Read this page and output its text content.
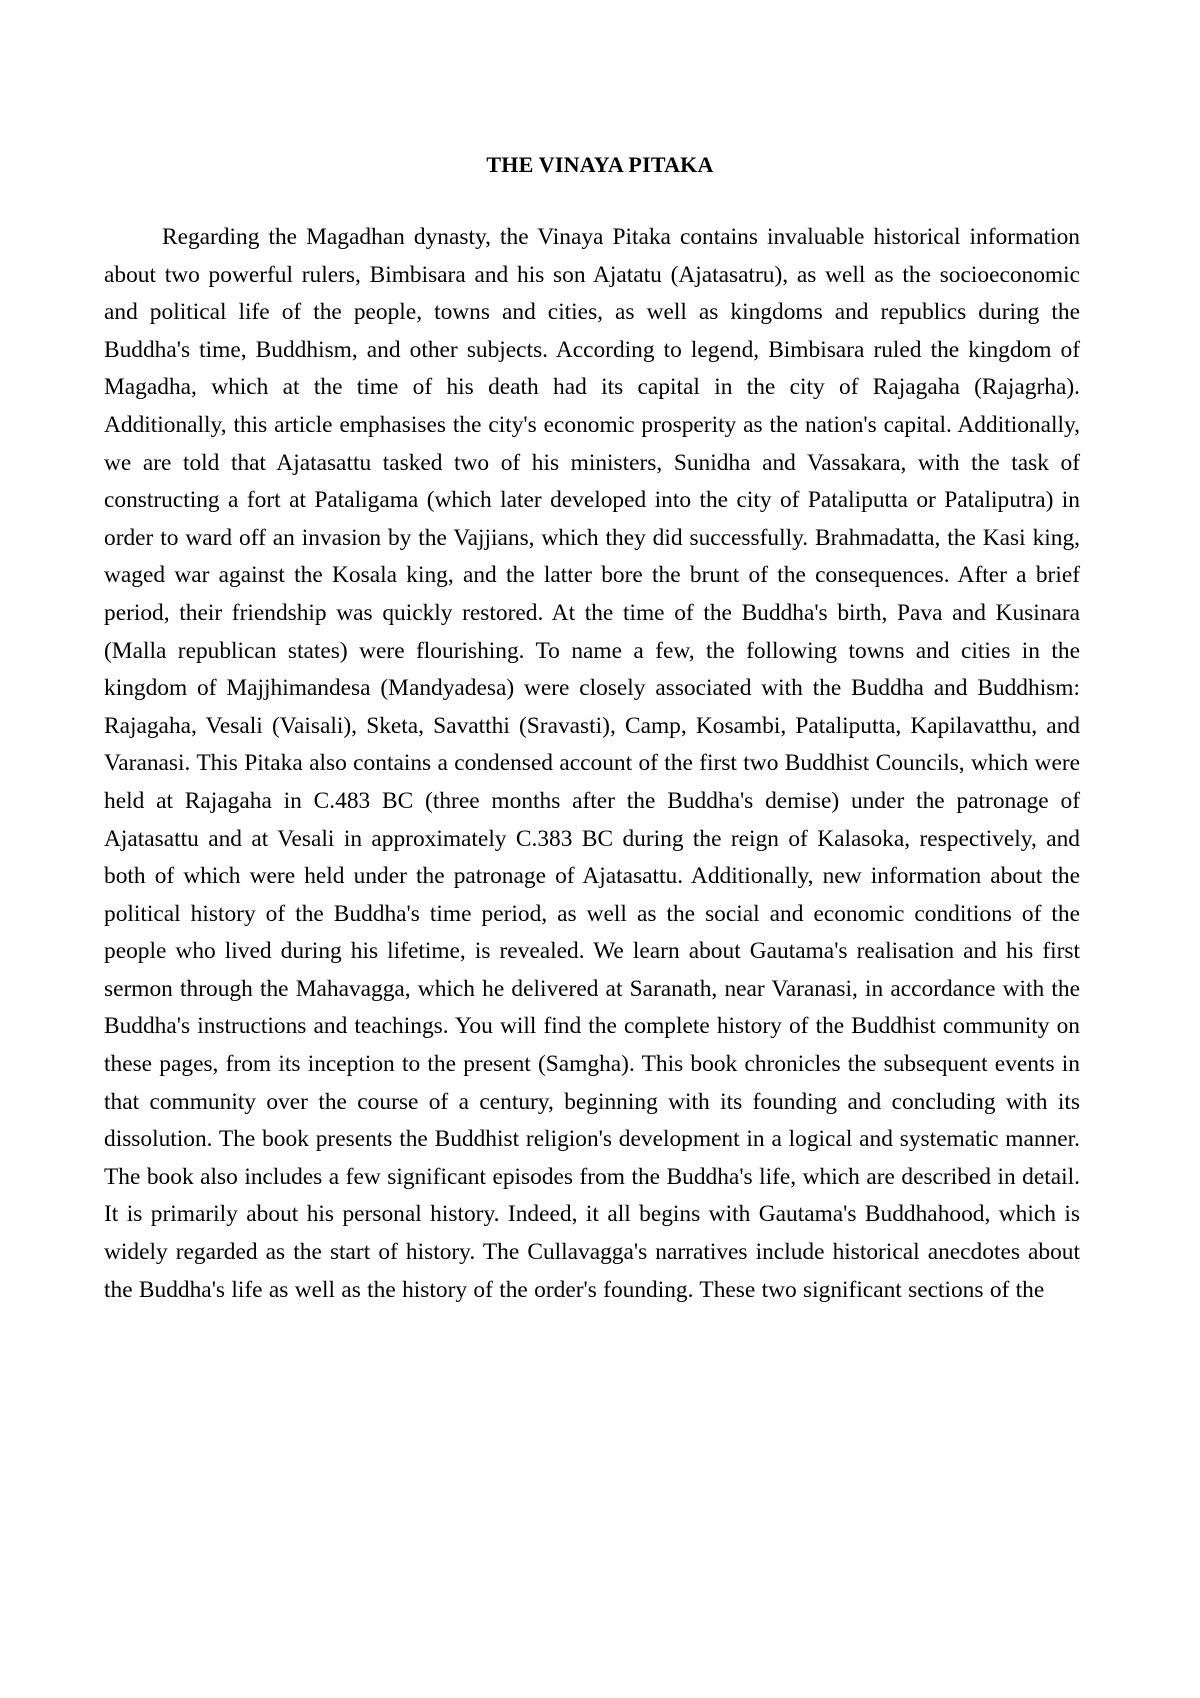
THE VINAYA PITAKA

Regarding the Magadhan dynasty, the Vinaya Pitaka contains invaluable historical information about two powerful rulers, Bimbisara and his son Ajatatu (Ajatasatru), as well as the socioeconomic and political life of the people, towns and cities, as well as kingdoms and republics during the Buddha's time, Buddhism, and other subjects. According to legend, Bimbisara ruled the kingdom of Magadha, which at the time of his death had its capital in the city of Rajagaha (Rajagrha). Additionally, this article emphasises the city's economic prosperity as the nation's capital. Additionally, we are told that Ajatasattu tasked two of his ministers, Sunidha and Vassakara, with the task of constructing a fort at Pataligama (which later developed into the city of Pataliputta or Pataliputra) in order to ward off an invasion by the Vajjians, which they did successfully. Brahmadatta, the Kasi king, waged war against the Kosala king, and the latter bore the brunt of the consequences. After a brief period, their friendship was quickly restored. At the time of the Buddha's birth, Pava and Kusinara (Malla republican states) were flourishing. To name a few, the following towns and cities in the kingdom of Majjhimandesa (Mandyadesa) were closely associated with the Buddha and Buddhism: Rajagaha, Vesali (Vaisali), Sketa, Savatthi (Sravasti), Camp, Kosambi, Pataliputta, Kapilavatthu, and Varanasi. This Pitaka also contains a condensed account of the first two Buddhist Councils, which were held at Rajagaha in C.483 BC (three months after the Buddha's demise) under the patronage of Ajatasattu and at Vesali in approximately C.383 BC during the reign of Kalasoka, respectively, and both of which were held under the patronage of Ajatasattu. Additionally, new information about the political history of the Buddha's time period, as well as the social and economic conditions of the people who lived during his lifetime, is revealed. We learn about Gautama's realisation and his first sermon through the Mahavagga, which he delivered at Saranath, near Varanasi, in accordance with the Buddha's instructions and teachings. You will find the complete history of the Buddhist community on these pages, from its inception to the present (Samgha). This book chronicles the subsequent events in that community over the course of a century, beginning with its founding and concluding with its dissolution. The book presents the Buddhist religion's development in a logical and systematic manner. The book also includes a few significant episodes from the Buddha's life, which are described in detail. It is primarily about his personal history. Indeed, it all begins with Gautama's Buddhahood, which is widely regarded as the start of history. The Cullavagga's narratives include historical anecdotes about the Buddha's life as well as the history of the order's founding. These two significant sections of the
